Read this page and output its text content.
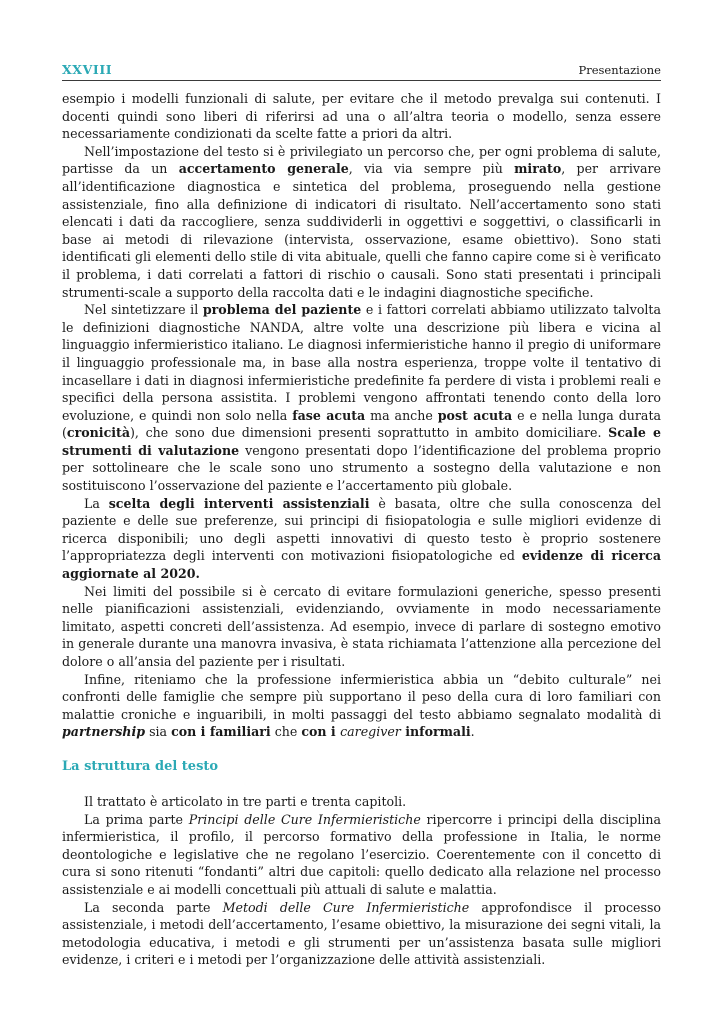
XXVIII	Presentazione

esempio i modelli funzionali di salute, per evitare che il metodo prevalga sui contenuti. I docenti quindi sono liberi di riferirsi ad una o all’altra teoria o modello, senza essere necessariamente condizionati da scelte fatte a priori da altri.

Nell’impostazione del testo si è privilegiato un percorso che, per ogni problema di salute, partisse da un accertamento generale, via via sempre più mirato, per arrivare all’identificazione diagnostica e sintetica del problema, proseguendo nella gestione assistenziale, fino alla definizione di indicatori di risultato. Nell’accertamento sono stati elencati i dati da raccogliere, senza suddividerli in oggettivi e soggettivi, o classificarli in base ai metodi di rilevazione (intervista, osservazione, esame obiettivo). Sono stati identificati gli elementi dello stile di vita abituale, quelli che fanno capire come si è verificato il problema, i dati correlati a fattori di rischio o causali. Sono stati presentati i principali strumenti-scale a supporto della raccolta dati e le indagini diagnostiche specifiche.

Nel sintetizzare il problema del paziente e i fattori correlati abbiamo utilizzato talvolta le definizioni diagnostiche NANDA, altre volte una descrizione più libera e vicina al linguaggio infermieristico italiano. Le diagnosi infermieristiche hanno il pregio di uniformare il linguaggio professionale ma, in base alla nostra esperienza, troppe volte il tentativo di incasellare i dati in diagnosi infermieristiche predefinite fa perdere di vista i problemi reali e specifici della persona assistita. I problemi vengono affrontati tenendo conto della loro evoluzione, e quindi non solo nella fase acuta ma anche post acuta e e nella lunga durata (cronicità), che sono due dimensioni presenti soprattutto in ambito domiciliare. Scale e strumenti di valutazione vengono presentati dopo l’identificazione del problema proprio per sottolineare che le scale sono uno strumento a sostegno della valutazione e non sostituiscono l’osservazione del paziente e l’accertamento più globale.

La scelta degli interventi assistenziali è basata, oltre che sulla conoscenza del paziente e delle sue preferenze, sui principi di fisiopatologia e sulle migliori evidenze di ricerca disponibili; uno degli aspetti innovativi di questo testo è proprio sostenere l’appropriatezza degli interventi con motivazioni fisiopatologiche ed evidenze di ricerca aggiornate al 2020.

Nei limiti del possibile si è cercato di evitare formulazioni generiche, spesso presenti nelle pianificazioni assistenziali, evidenziando, ovviamente in modo necessariamente limitato, aspetti concreti dell’assistenza. Ad esempio, invece di parlare di sostegno emotivo in generale durante una manovra invasiva, è stata richiamata l’attenzione alla percezione del dolore o all’ansia del paziente per i risultati.

Infine, riteniamo che la professione infermieristica abbia un “debito culturale” nei confronti delle famiglie che sempre più supportano il peso della cura di loro familiari con malattie croniche e inguaribili, in molti passaggi del testo abbiamo segnalato modalità di partnership sia con i familiari che con i caregiver informali.

La struttura del testo

Il trattato è articolato in tre parti e trenta capitoli.

La prima parte Principi delle Cure Infermieristiche ripercorre i principi della disciplina infermieristica, il profilo, il percorso formativo della professione in Italia, le norme deontologiche e legislative che ne regolano l’esercizio. Coerentemente con il concetto di cura si sono ritenuti “fondanti” altri due capitoli: quello dedicato alla relazione nel processo assistenziale e ai modelli concettuali più attuali di salute e malattia.

La seconda parte Metodi delle Cure Infermieristiche approfondisce il processo assistenziale, i metodi dell’accertamento, l’esame obiettivo, la misurazione dei segni vitali, la metodologia educativa, i metodi e gli strumenti per un’assistenza basata sulle migliori evidenze, i criteri e i metodi per l’organizzazione delle attività assistenziali.
